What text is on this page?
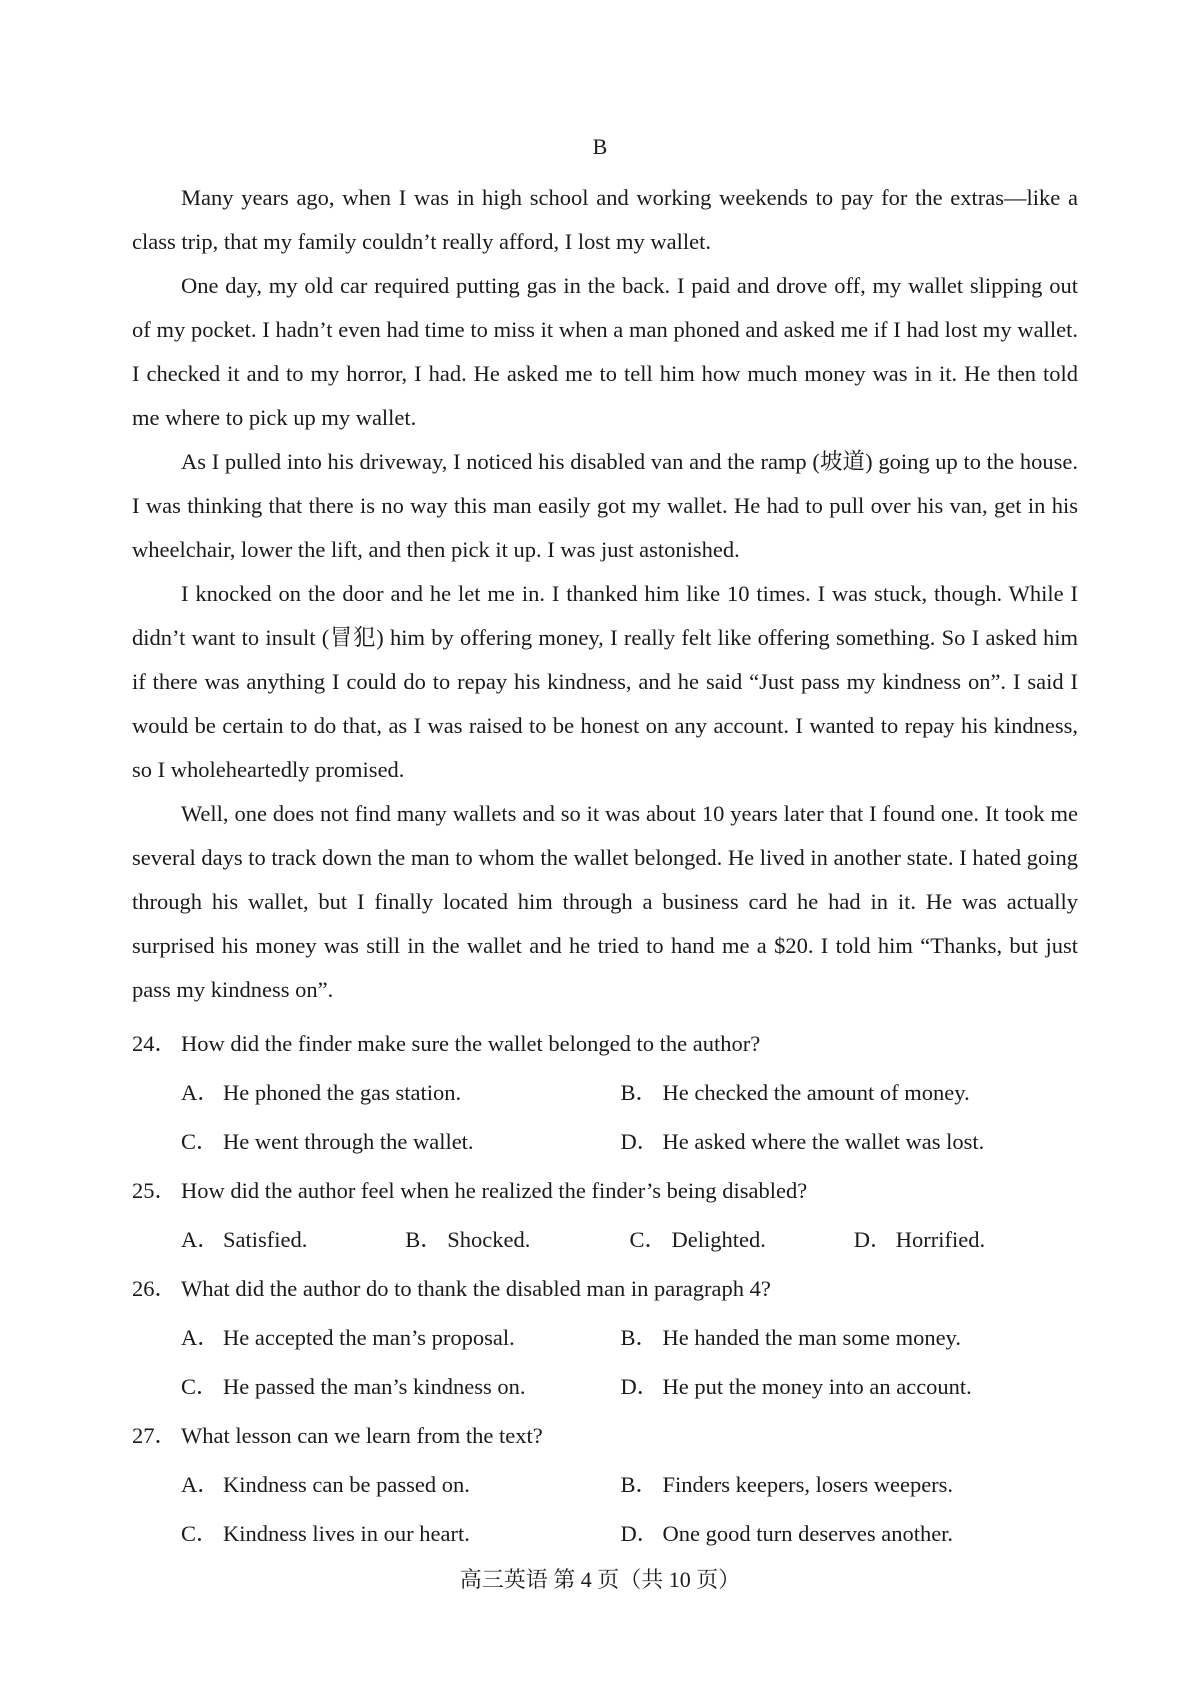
B

Many years ago, when I was in high school and working weekends to pay for the extras—like a class trip, that my family couldn’t really afford, I lost my wallet.

One day, my old car required putting gas in the back. I paid and drove off, my wallet slipping out of my pocket. I hadn’t even had time to miss it when a man phoned and asked me if I had lost my wallet. I checked it and to my horror, I had. He asked me to tell him how much money was in it. He then told me where to pick up my wallet.

As I pulled into his driveway, I noticed his disabled van and the ramp (坡道) going up to the house. I was thinking that there is no way this man easily got my wallet. He had to pull over his van, get in his wheelchair, lower the lift, and then pick it up. I was just astonished.

I knocked on the door and he let me in. I thanked him like 10 times. I was stuck, though. While I didn’t want to insult (冒犯) him by offering money, I really felt like offering something. So I asked him if there was anything I could do to repay his kindness, and he said “Just pass my kindness on”. I said I would be certain to do that, as I was raised to be honest on any account. I wanted to repay his kindness, so I wholeheartedly promised.

Well, one does not find many wallets and so it was about 10 years later that I found one. It took me several days to track down the man to whom the wallet belonged. He lived in another state. I hated going through his wallet, but I finally located him through a business card he had in it. He was actually surprised his money was still in the wallet and he tried to hand me a $20. I told him “Thanks, but just pass my kindness on”.

24． How did the finder make sure the wallet belonged to the author?
A． He phoned the gas station.	B． He checked the amount of money.
C． He went through the wallet.	D． He asked where the wallet was lost.
25． How did the author feel when he realized the finder’s being disabled?
A． Satisfied.	B． Shocked.	C． Delighted.	D． Horrified.
26． What did the author do to thank the disabled man in paragraph 4?
A． He accepted the man’s proposal.	B． He handed the man some money.
C． He passed the man’s kindness on.	D． He put the money into an account.
27． What lesson can we learn from the text?
A． Kindness can be passed on.	B． Finders keepers, losers weepers.
C． Kindness lives in our heart.	D． One good turn deserves another.
高三英语 第 4 页（共 10 页）
